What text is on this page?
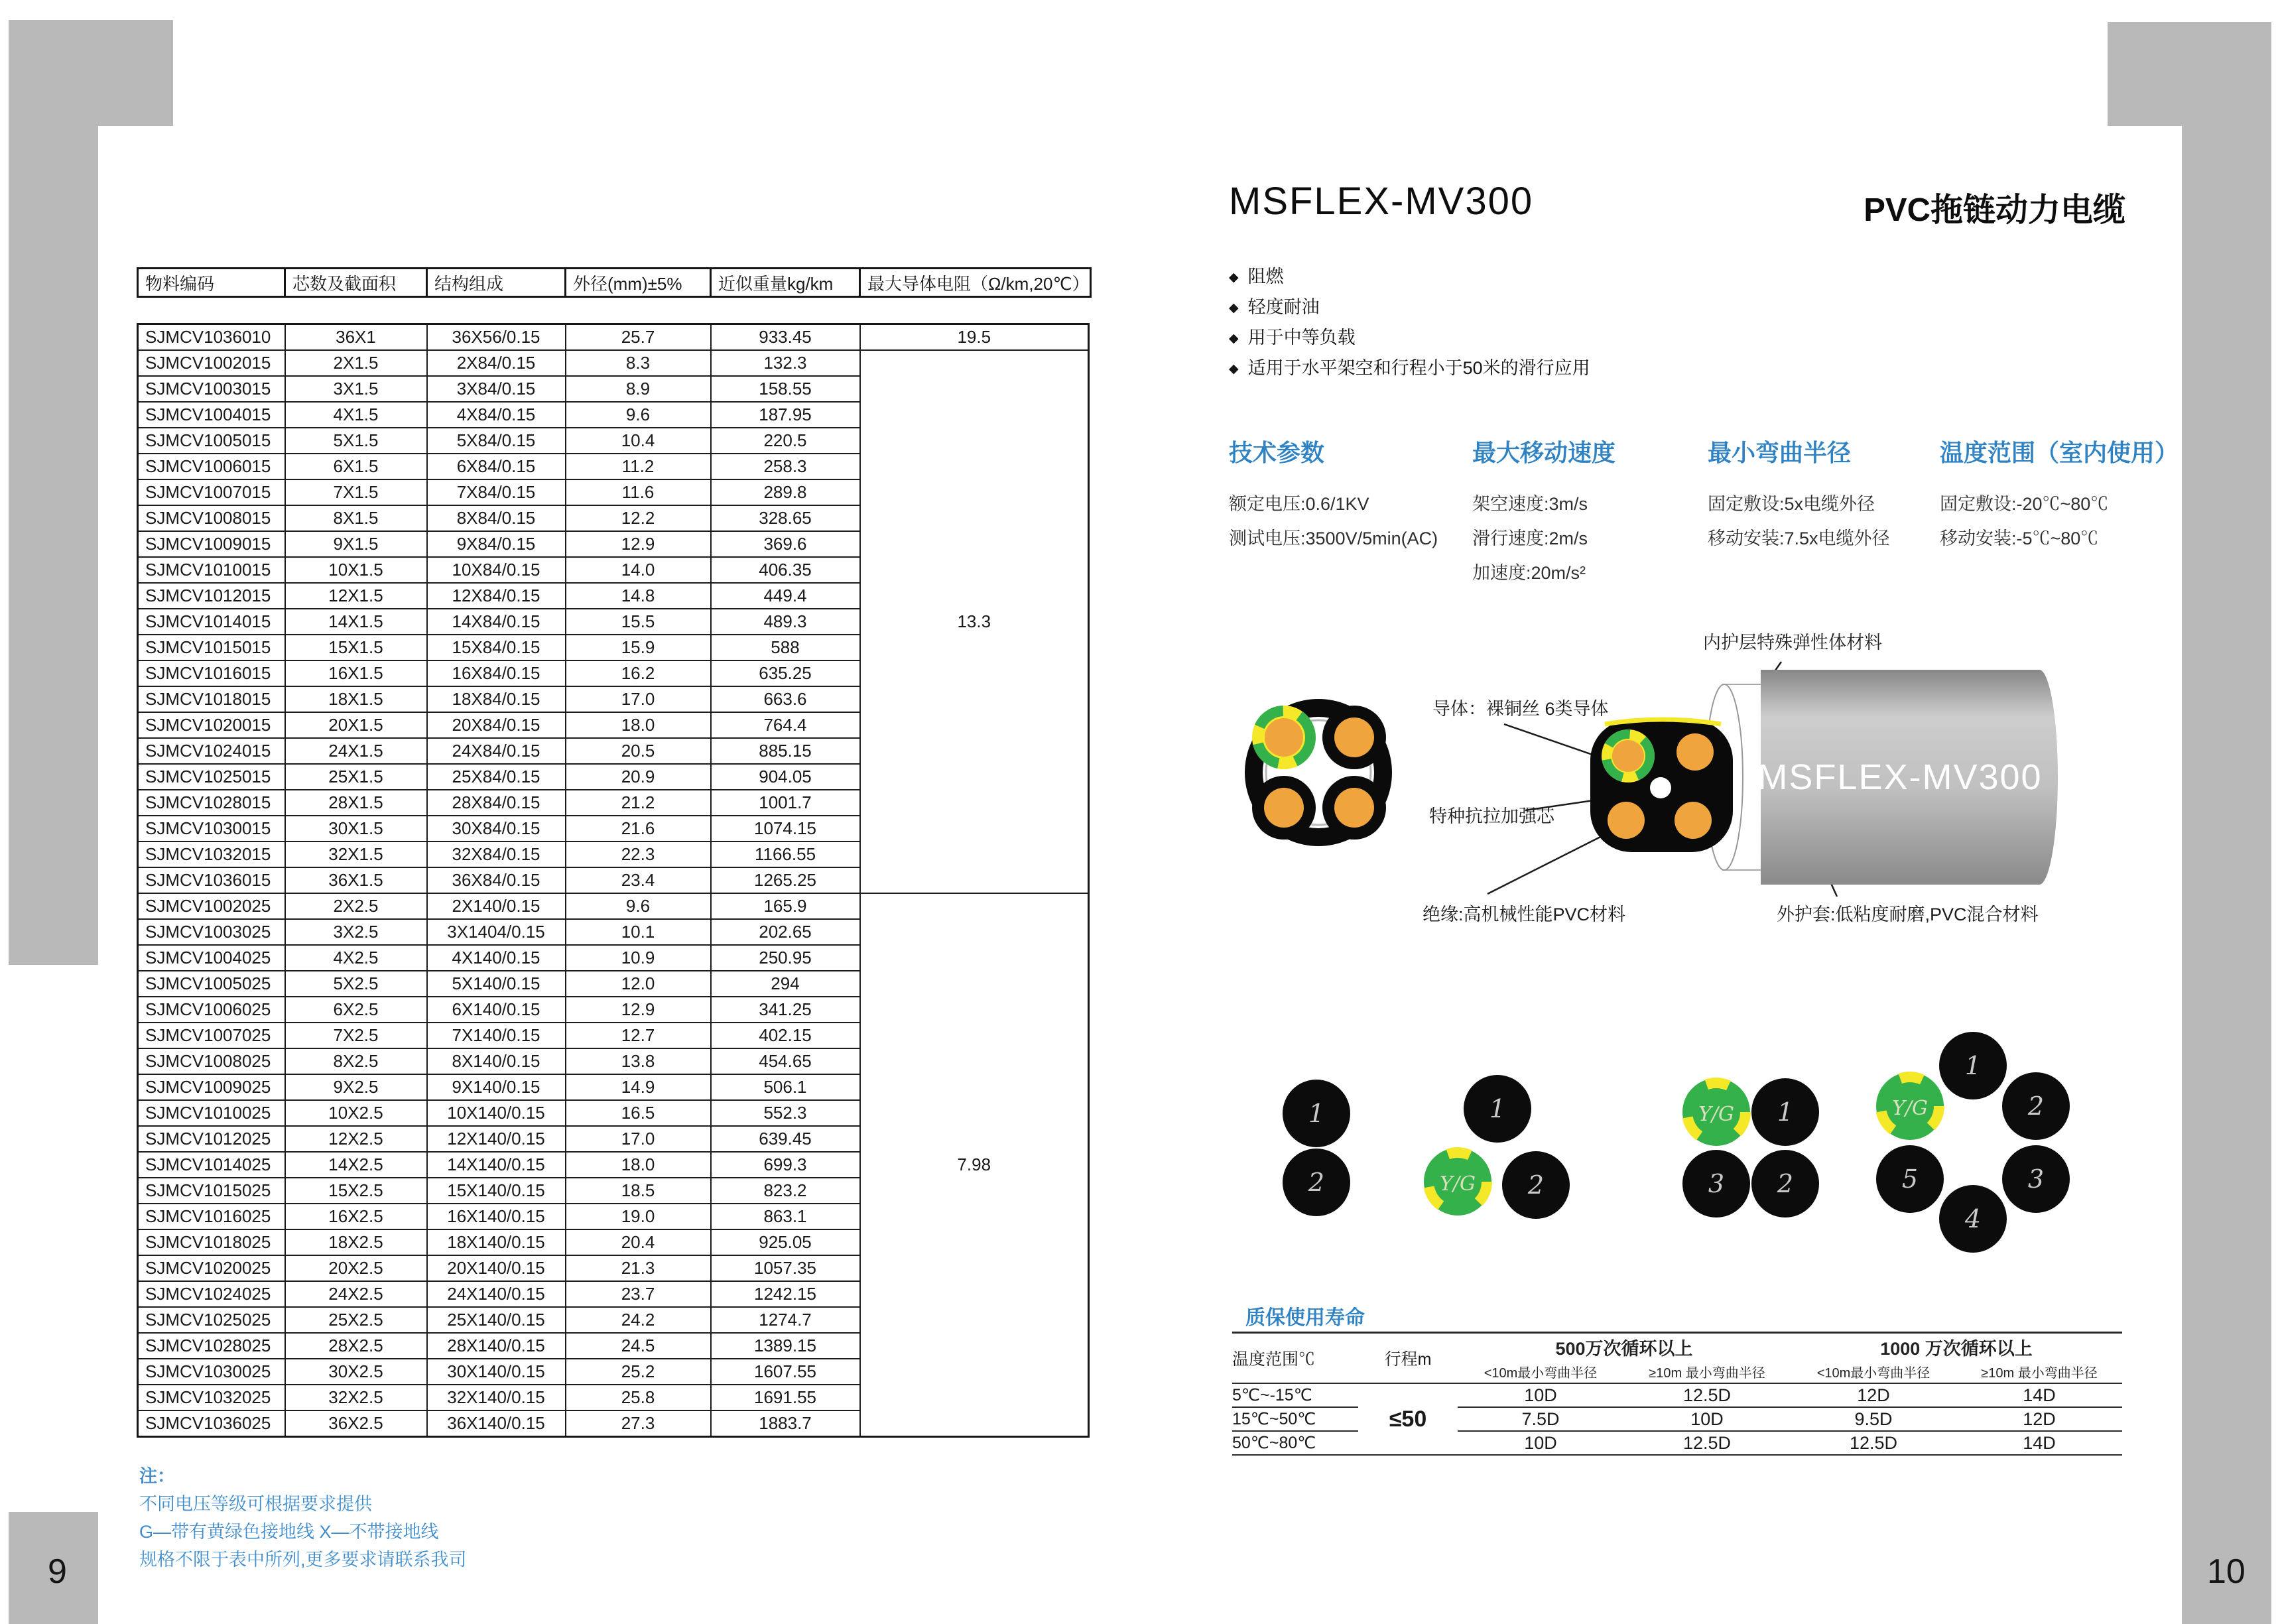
9	10
物料编码	芯数及截面积	结构组成	外径(mm)±5%	近似重量kg/km	最大导体电阻（Ω/km,20℃）
SJMCV1036010	36X1	36X56/0.15	25.7	933.45	19.5
SJMCV1002015	2X1.5	2X84/0.15	8.3	132.3	13.3
SJMCV1003015	3X1.5	3X84/0.15	8.9	158.55	
SJMCV1004015	4X1.5	4X84/0.15	9.6	187.95	
SJMCV1005015	5X1.5	5X84/0.15	10.4	220.5	
SJMCV1006015	6X1.5	6X84/0.15	11.2	258.3	
SJMCV1007015	7X1.5	7X84/0.15	11.6	289.8	
SJMCV1008015	8X1.5	8X84/0.15	12.2	328.65	
SJMCV1009015	9X1.5	9X84/0.15	12.9	369.6	
SJMCV1010015	10X1.5	10X84/0.15	14.0	406.35	
SJMCV1012015	12X1.5	12X84/0.15	14.8	449.4	
SJMCV1014015	14X1.5	14X84/0.15	15.5	489.3	
SJMCV1015015	15X1.5	15X84/0.15	15.9	588	
SJMCV1016015	16X1.5	16X84/0.15	16.2	635.25	
SJMCV1018015	18X1.5	18X84/0.15	17.0	663.6	
SJMCV1020015	20X1.5	20X84/0.15	18.0	764.4	
SJMCV1024015	24X1.5	24X84/0.15	20.5	885.15	
SJMCV1025015	25X1.5	25X84/0.15	20.9	904.05	
SJMCV1028015	28X1.5	28X84/0.15	21.2	1001.7	
SJMCV1030015	30X1.5	30X84/0.15	21.6	1074.15	
SJMCV1032015	32X1.5	32X84/0.15	22.3	1166.55	
SJMCV1036015	36X1.5	36X84/0.15	23.4	1265.25	
SJMCV1002025	2X2.5	2X140/0.15	9.6	165.9	7.98
SJMCV1003025	3X2.5	3X1404/0.15	10.1	202.65	
SJMCV1004025	4X2.5	4X140/0.15	10.9	250.95	
SJMCV1005025	5X2.5	5X140/0.15	12.0	294	
SJMCV1006025	6X2.5	6X140/0.15	12.9	341.25	
SJMCV1007025	7X2.5	7X140/0.15	12.7	402.15	
SJMCV1008025	8X2.5	8X140/0.15	13.8	454.65	
SJMCV1009025	9X2.5	9X140/0.15	14.9	506.1	
SJMCV1010025	10X2.5	10X140/0.15	16.5	552.3	
SJMCV1012025	12X2.5	12X140/0.15	17.0	639.45	
SJMCV1014025	14X2.5	14X140/0.15	18.0	699.3	
SJMCV1015025	15X2.5	15X140/0.15	18.5	823.2	
SJMCV1016025	16X2.5	16X140/0.15	19.0	863.1	
SJMCV1018025	18X2.5	18X140/0.15	20.4	925.05	
SJMCV1020025	20X2.5	20X140/0.15	21.3	1057.35	
SJMCV1024025	24X2.5	24X140/0.15	23.7	1242.15	
SJMCV1025025	25X2.5	25X140/0.15	24.2	1274.7	
SJMCV1028025	28X2.5	28X140/0.15	24.5	1389.15	
SJMCV1030025	30X2.5	30X140/0.15	25.2	1607.55	
SJMCV1032025	32X2.5	32X140/0.15	25.8	1691.55	
SJMCV1036025	36X2.5	36X140/0.15	27.3	1883.7	
注：
不同电压等级可根据要求提供
G—带有黄绿色接地线 X—不带接地线
规格不限于表中所列,更多要求请联系我司
MSFLEX-MV300	PVC拖链动力电缆
◆ 阻燃
◆ 轻度耐油
◆ 用于中等负载
◆ 适用于水平架空和行程小于50米的滑行应用
技术参数
额定电压:0.6/1KV
测试电压:3500V/5min(AC)
最大移动速度
架空速度:3m/s
滑行速度:2m/s
加速度:20m/s²
最小弯曲半径
固定敷设:5x电缆外径
移动安装:7.5x电缆外径
温度范围（室内使用）
固定敷设:-20℃~80℃
移动安装:-5℃~80℃
MSFLEX-MV300
内护层特殊弹性体材料
导体：裸铜丝 6类导体
特种抗拉加强芯
绝缘:高机械性能PVC材料	外护套:低粘度耐磨,PVC混合材料
1
2
1
Y/G 2
Y/G 1
3 2
1
2
3
4
5
Y/G
质保使用寿命
温度范围℃	行程m	500万次循环以上		1000 万次循环以上	
		<10m最小弯曲半径	≥10m 最小弯曲半径	<10m最小弯曲半径	≥10m 最小弯曲半径
5℃~-15℃	≤50	10D	12.5D	12D	14D
15℃~50℃		7.5D	10D	9.5D	12D
50℃~80℃		10D	12.5D	12.5D	14D
